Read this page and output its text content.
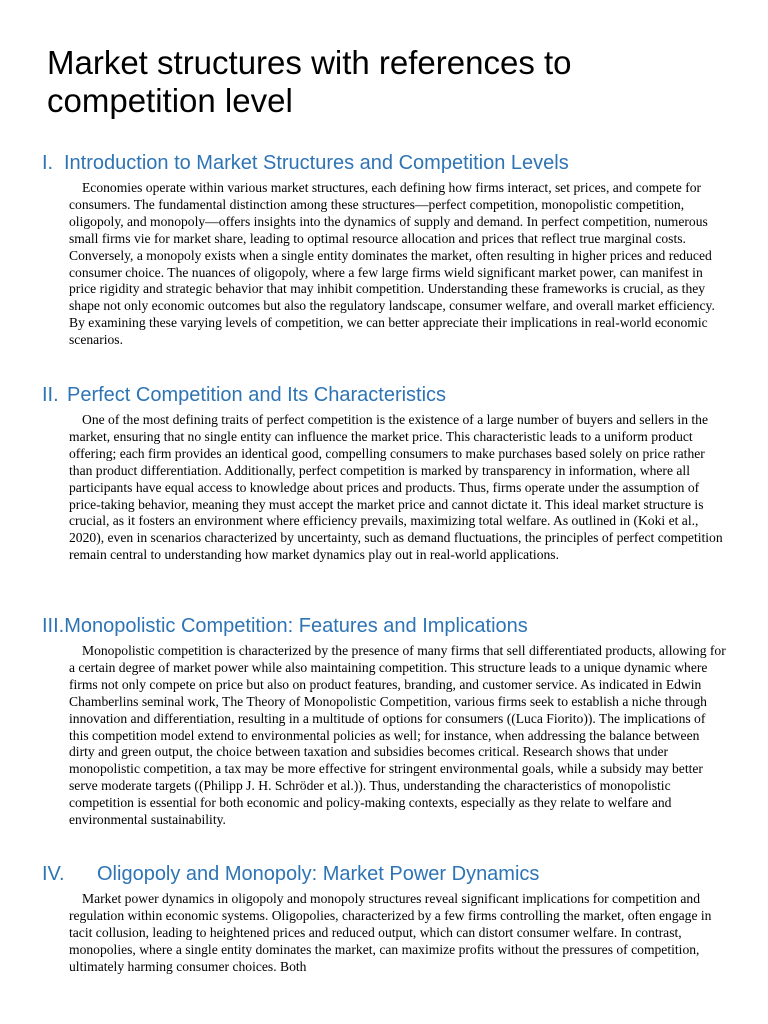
Market structures with references to competition level
I. Introduction to Market Structures and Competition Levels

Economies operate within various market structures, each defining how firms interact, set prices, and compete for consumers. The fundamental distinction among these structures—perfect competition, monopolistic competition, oligopoly, and monopoly—offers insights into the dynamics of supply and demand. In perfect competition, numerous small firms vie for market share, leading to optimal resource allocation and prices that reflect true marginal costs. Conversely, a monopoly exists when a single entity dominates the market, often resulting in higher prices and reduced consumer choice. The nuances of oligopoly, where a few large firms wield significant market power, can manifest in price rigidity and strategic behavior that may inhibit competition. Understanding these frameworks is crucial, as they shape not only economic outcomes but also the regulatory landscape, consumer welfare, and overall market efficiency. By examining these varying levels of competition, we can better appreciate their implications in real-world economic scenarios.

II. Perfect Competition and Its Characteristics

One of the most defining traits of perfect competition is the existence of a large number of buyers and sellers in the market, ensuring that no single entity can influence the market price. This characteristic leads to a uniform product offering; each firm provides an identical good, compelling consumers to make purchases based solely on price rather than product differentiation. Additionally, perfect competition is marked by transparency in information, where all participants have equal access to knowledge about prices and products. Thus, firms operate under the assumption of price-taking behavior, meaning they must accept the market price and cannot dictate it. This ideal market structure is crucial, as it fosters an environment where efficiency prevails, maximizing total welfare. As outlined in (Koki et al., 2020), even in scenarios characterized by uncertainty, such as demand fluctuations, the principles of perfect competition remain central to understanding how market dynamics play out in real-world applications.

III.Monopolistic Competition: Features and Implications

Monopolistic competition is characterized by the presence of many firms that sell differentiated products, allowing for a certain degree of market power while also maintaining competition. This structure leads to a unique dynamic where firms not only compete on price but also on product features, branding, and customer service. As indicated in Edwin Chamberlins seminal work, The Theory of Monopolistic Competition, various firms seek to establish a niche through innovation and differentiation, resulting in a multitude of options for consumers ((Luca Fiorito)). The implications of this competition model extend to environmental policies as well; for instance, when addressing the balance between dirty and green output, the choice between taxation and subsidies becomes critical. Research shows that under monopolistic competition, a tax may be more effective for stringent environmental goals, while a subsidy may better serve moderate targets ((Philipp J. H. Schröder et al.)). Thus, understanding the characteristics of monopolistic competition is essential for both economic and policy-making contexts, especially as they relate to welfare and environmental sustainability.

IV. Oligopoly and Monopoly: Market Power Dynamics

Market power dynamics in oligopoly and monopoly structures reveal significant implications for competition and regulation within economic systems. Oligopolies, characterized by a few firms controlling the market, often engage in tacit collusion, leading to heightened prices and reduced output, which can distort consumer welfare. In contrast, monopolies, where a single entity dominates the market, can maximize profits without the pressures of competition, ultimately harming consumer choices. Both
